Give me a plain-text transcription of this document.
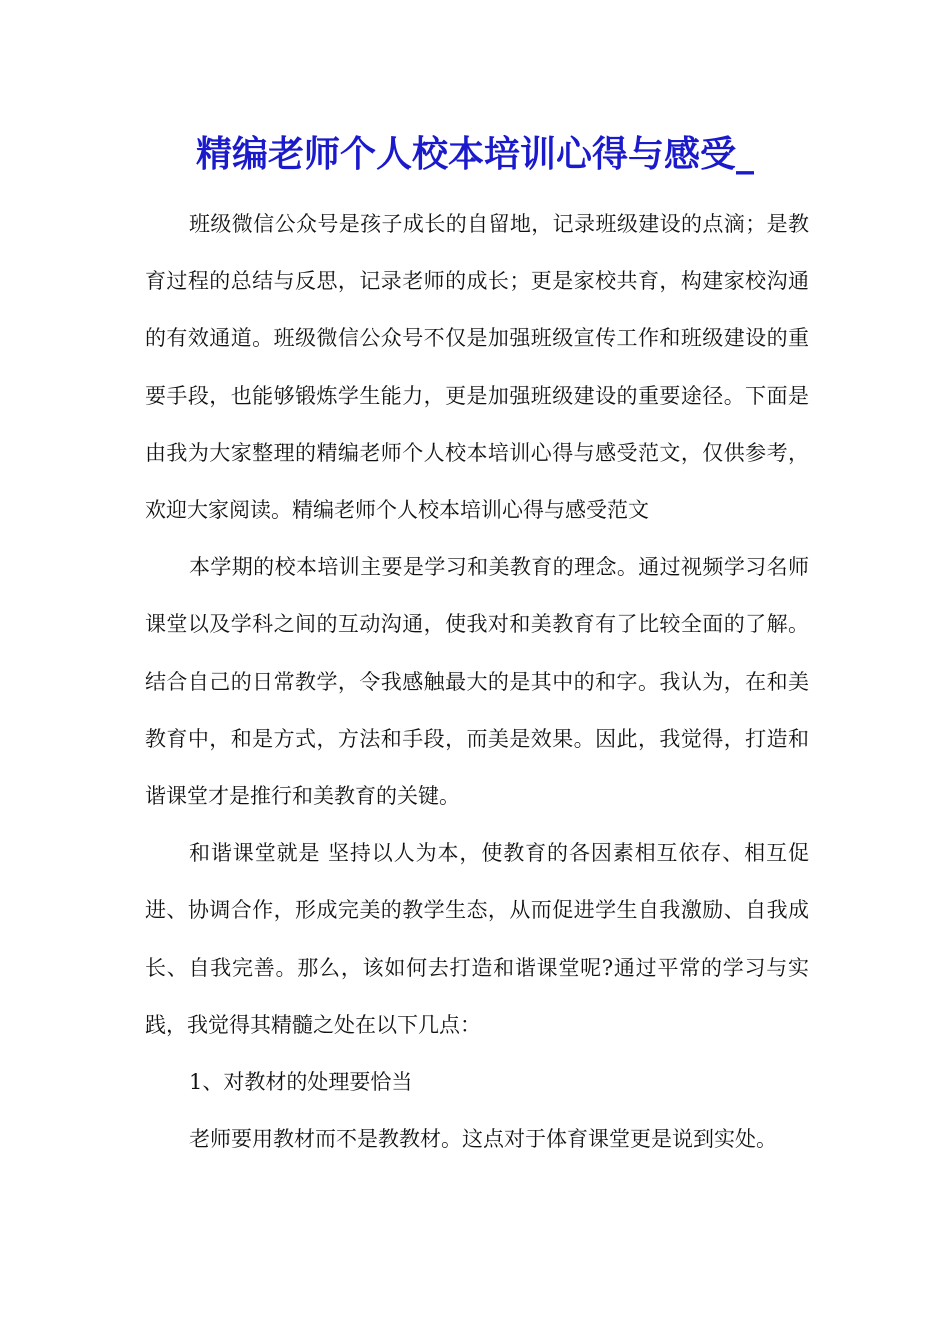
精编老师个人校本培训心得与感受_

班级微信公众号是孩子成长的自留地，记录班级建设的点滴；是教育过程的总结与反思，记录老师的成长；更是家校共育，构建家校沟通的有效通道。班级微信公众号不仅是加强班级宣传工作和班级建设的重要手段，也能够锻炼学生能力，更是加强班级建设的重要途径。下面是由我为大家整理的精编老师个人校本培训心得与感受范文，仅供参考，欢迎大家阅读。精编老师个人校本培训心得与感受范文

本学期的校本培训主要是学习和美教育的理念。通过视频学习名师课堂以及学科之间的互动沟通，使我对和美教育有了比较全面的了解。结合自己的日常教学，令我感触最大的是其中的和字。我认为，在和美教育中，和是方式，方法和手段，而美是效果。因此，我觉得，打造和谐课堂才是推行和美教育的关键。

和谐课堂就是 坚持以人为本，使教育的各因素相互依存、相互促进、协调合作，形成完美的教学生态，从而促进学生自我激励、自我成长、自我完善。那么，该如何去打造和谐课堂呢?通过平常的学习与实践，我觉得其精髓之处在以下几点：

1、对教材的处理要恰当

老师要用教材而不是教教材。这点对于体育课堂更是说到实处。
